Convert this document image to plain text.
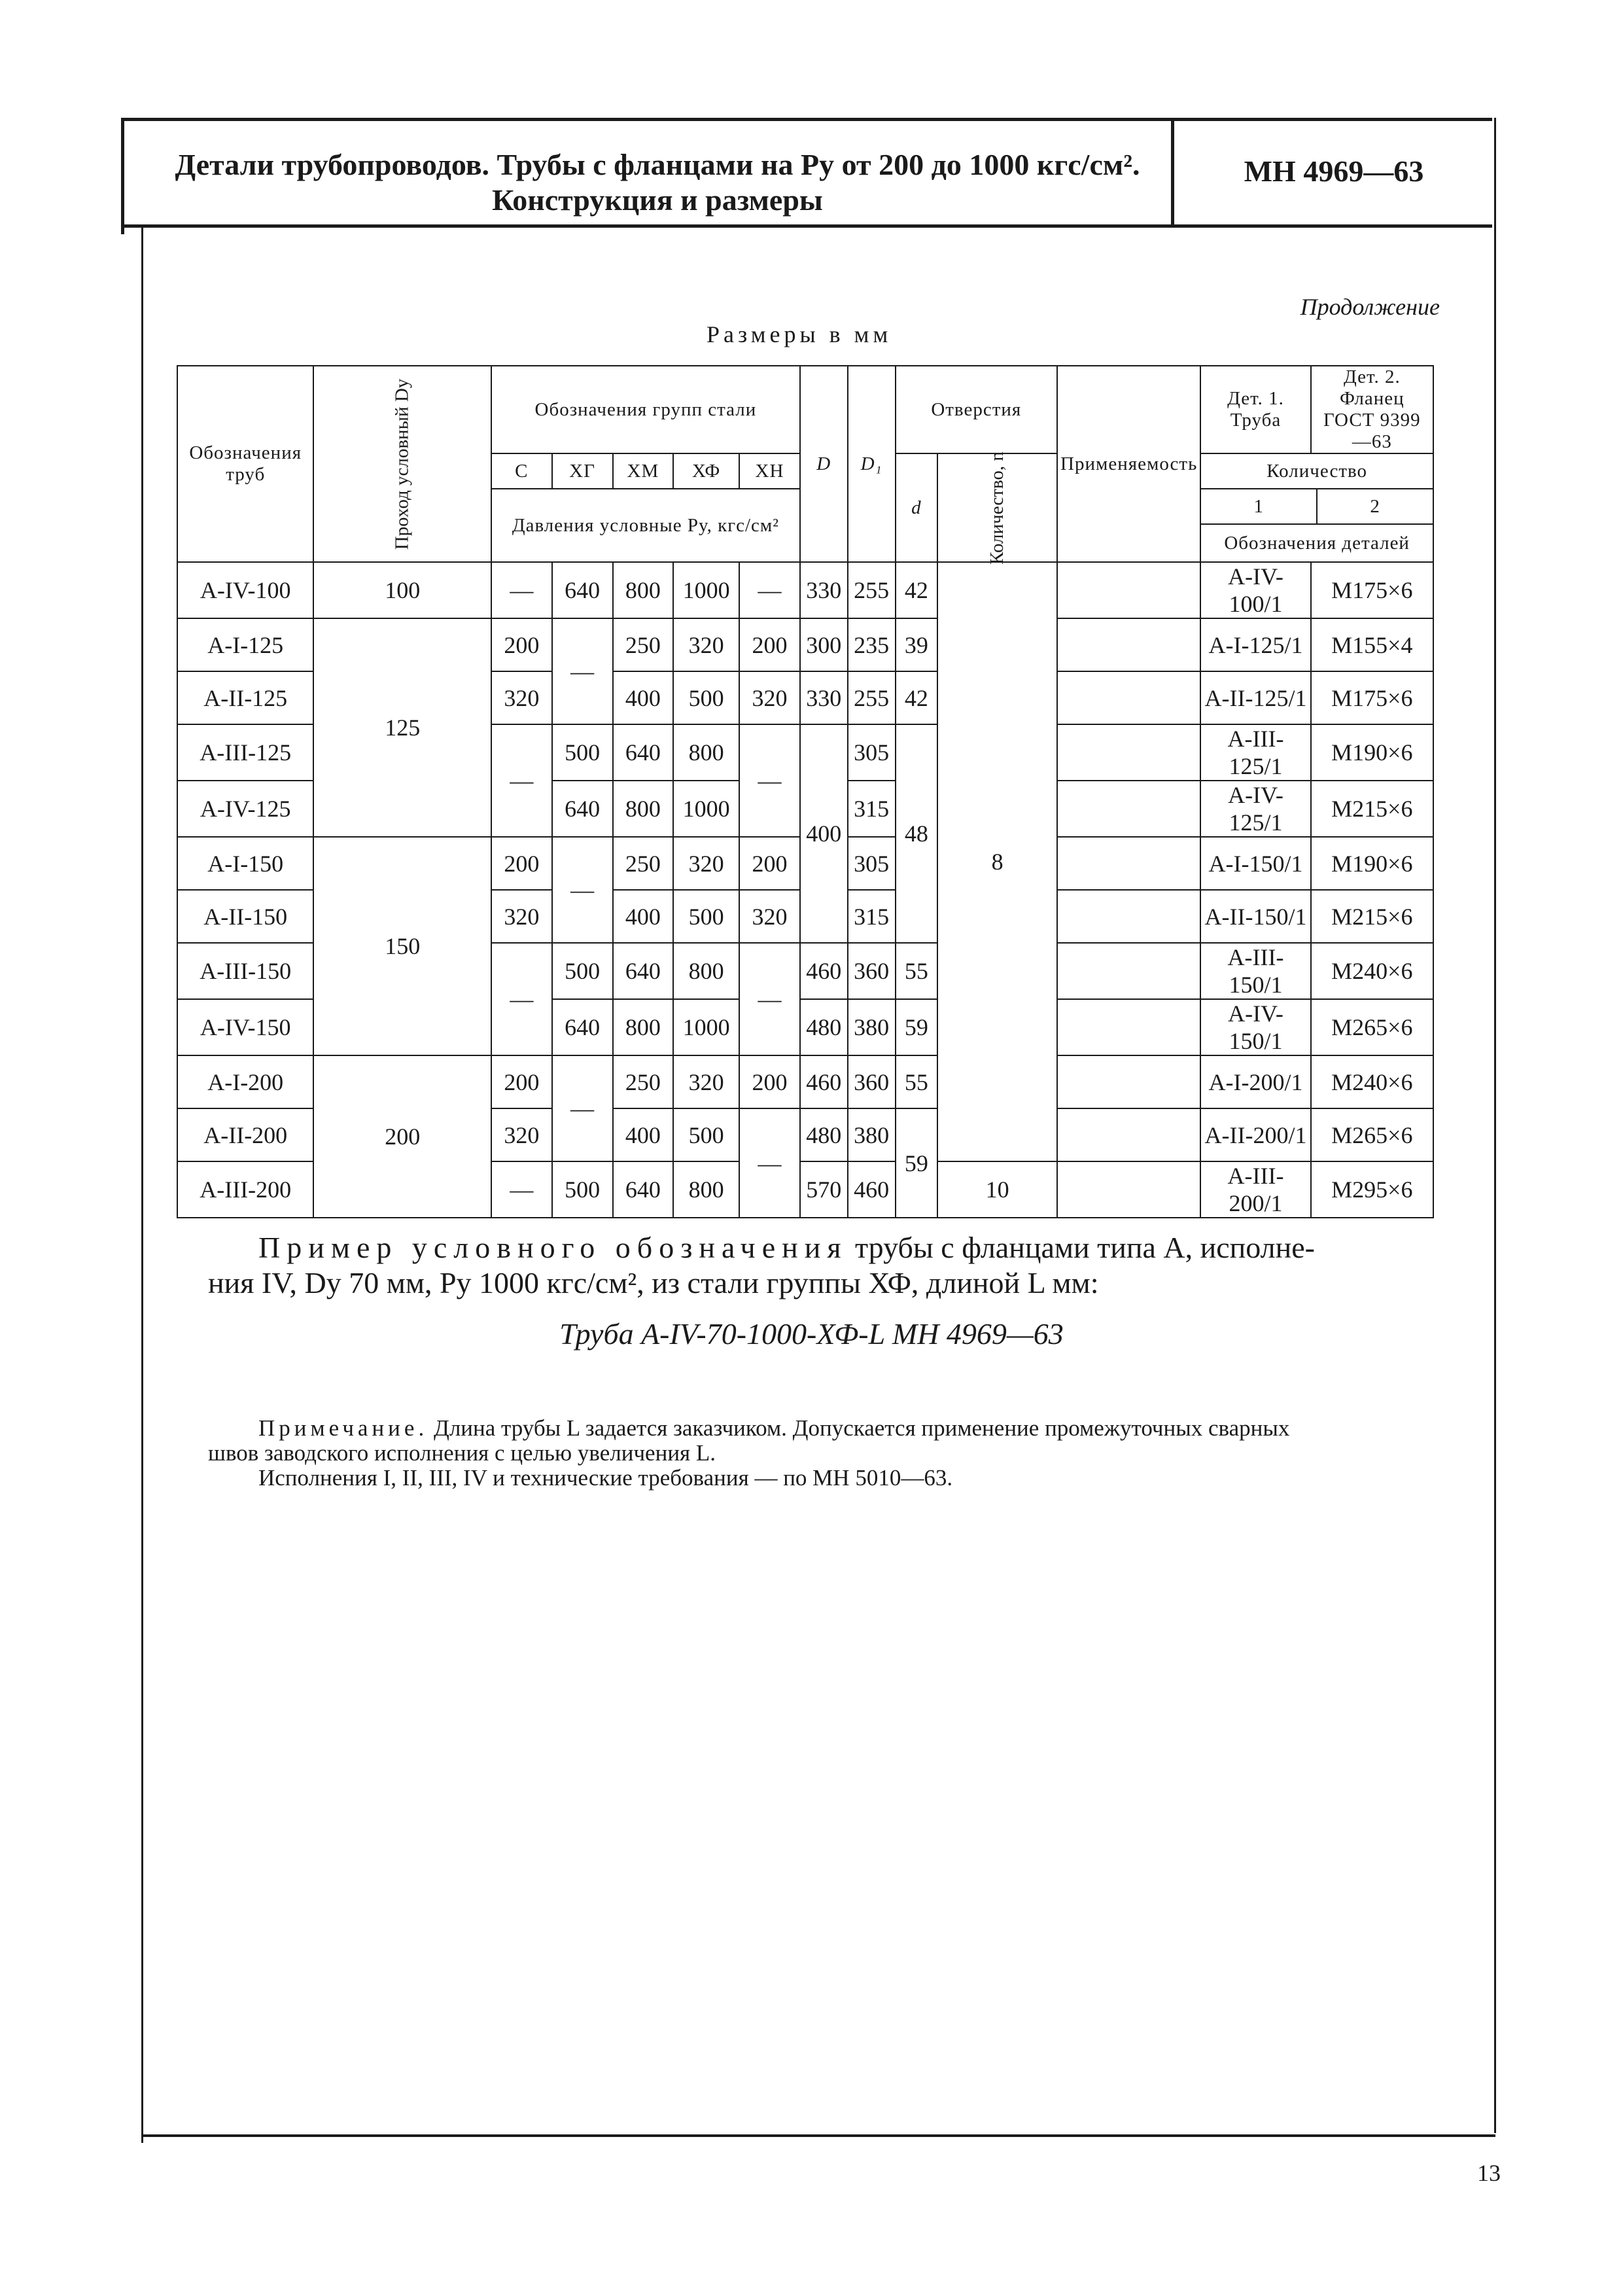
Детали трубопроводов. Трубы с фланцами на Pу от 200 до 1000 кгс/см².
Конструкция и размеры
МН 4969—63
Продолжение
Размеры в мм
Обозначения труб	Проход условный Dу	Обозначения групп стали					D	D₁	Отверстия		Применяемость	Дет. 1. Труба	Дет. 2. Фланец ГОСТ 9399—63
		С	ХГ	ХМ	ХФ	ХН			d	Количество, n		Количество	
		Давления условные Pу, кгс/см²										1 2
Обозначения деталей	

А-IV-100	100	—	640	800	1000	—	330	255	42	8		А-IV-100/1	М175×6
А-I-125	125	200	—	250	320	200	300	235	39			А-I-125/1	М155×4
А-II-125		320		400	500	320	330	255	42			А-II-125/1	М175×6
А-III-125		—	500	640	800	—	400	305	48			А-III-125/1	М190×6
А-IV-125			640	800	1000			315				А-IV-125/1	М215×6
А-I-150	150	200	—	250	320	200		305				А-I-150/1	М190×6
А-II-150		320		400	500	320		315				А-II-150/1	М215×6
А-III-150		—	500	640	800	—	460	360	55			А-III-150/1	М240×6
А-IV-150			640	800	1000		480	380	59			А-IV-150/1	М265×6
А-I-200	200	200	—	250	320	200	460	360	55			А-I-200/1	М240×6
А-II-200		320		400	500	—	480	380	59			А-II-200/1	М265×6
А-III-200		—	500	640	800		570	460		10		А-III-200/1	М295×6
Пример условного обозначения трубы с фланцами типа А, исполне-
ния IV, Dу 70 мм, Pу 1000 кгс/см², из стали группы ХФ, длиной L мм:
Труба А-IV-70-1000-ХФ-L МН 4969—63
Примечание. Длина трубы L задается заказчиком. Допускается применение промежуточных сварных
швов заводского исполнения с целью увеличения L.
Исполнения I, II, III, IV и технические требования — по МН 5010—63.
13
